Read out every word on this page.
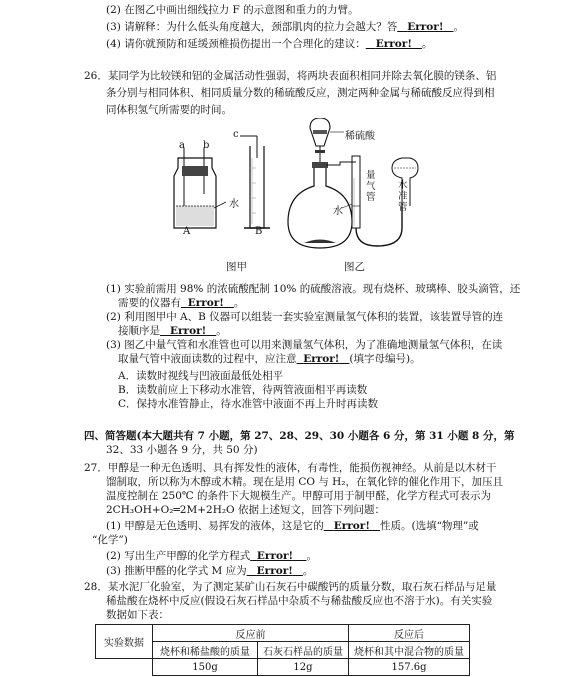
(2) 在图乙中画出细线拉力 F 的示意图和重力的力臂。
(3) 请解释：为什么低头角度越大，颈部肌肉的拉力会越大？答 Error! 。
(4) 请你就预防和延缓颈椎损伤提出一个合理化的建议： Error! 。
26．某同学为比较镁和铝的金属活动性强弱，将两块表面积相同并除去氧化膜的镁条、铝
条分别与相同体积、相同质量分数的稀硫酸反应，测定两种金属与稀硫酸反应得到相
同体积氢气所需要的时间。
a b
c
水
A	B
稀硫酸
水
量气管
水准管
图甲	图乙
(1) 实验前需用 98% 的浓硫酸配制 10% 的硫酸溶液。现有烧杯、玻璃棒、胶头滴管，还
需要的仪器有 Error! 。
(2) 利用图甲中 A、B 仪器可以组装一套实验室测量氢气体积的装置，该装置导管的连
接顺序是 Error! 。
(3) 图乙中量气管和水准管也可以用来测量氢气体积，为了准确地测量氢气体积，在读
取量气管中液面读数的过程中，应注意 Error! (填字母编号)。
A．读数时视线与凹液面最低处相平
B．读数前应上下移动水准管，待两管液面相平再读数
C．保持水准管静止，待水准管中液面不再上升时再读数
四、简答题(本大题共有 7 小题，第 27、28、29、30 小题各 6 分，第 31 小题 8 分，第
32、33 小题各 9 分，共 50 分)
27．甲醇是一种无色透明、具有挥发性的液体，有毒性，能损伤视神经。从前是以木材干
馏制取，所以称为木醇或木精。现在是用 CO 与 H₂，在氧化锌的催化作用下，加压且
温度控制在 250℃ 的条件下大规模生产。甲醇可用于制甲醛，化学方程式可表示为
2CH₃OH+O₂═2M+2H₂O 依据上述短文，回答下列问题：
(1) 甲醇是无色透明、易挥发的液体，这是它的 Error! 性质。(选填“物理”或
“化学”)
(2) 写出生产甲醇的化学方程式 Error! 。
(3) 推断甲醛的化学式 M 应为 Error! 。
28．某水泥厂化验室，为了测定某矿山石灰石中碳酸钙的质量分数，取石灰石样品与足量
稀盐酸在烧杯中反应(假设石灰石样品中杂质不与稀盐酸反应也不溶于水)。有关实验
数据如下表：
实验数据	反应前		反应后
	烧杯和稀盐酸的质量	石灰石样品的质量	烧杯和其中混合物的质量
	150g	12g	157.6g
